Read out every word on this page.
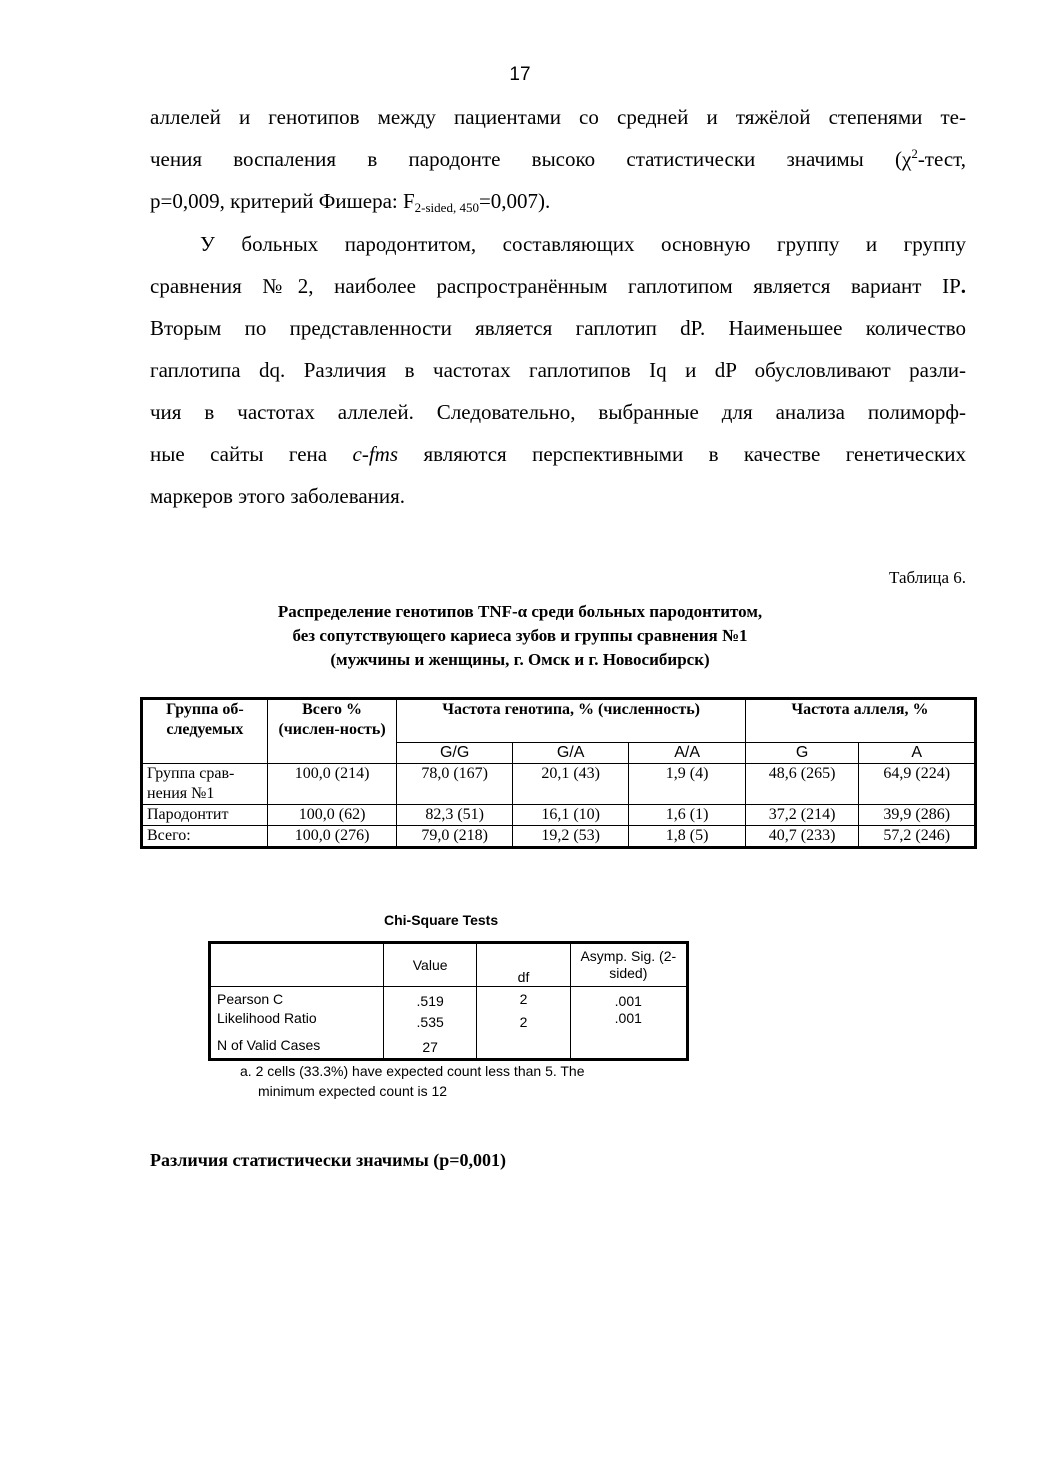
17
аллелей и генотипов между пациентами со средней и тяжёлой степенями те-
чения воспаления в пародонте высоко статистически значимы ($\chi^2$-тест,
p=0,009, критерий Фишера: $F_{2-sided, 450}=0,007$).
У больных пародонтитом, составляющих основную группу и группу
сравнения №2, наиболее распространённым гаплотипом является вариант IP.
Вторым по представленности является гаплотип dP. Наименьшее количество
гаплотипа dq. Различия в частотах гаплотипов Iq и dP обусловливают разли-
чия в частотах аллелей. Следовательно, выбранные для анализа полиморф-
ные сайты гена c-fms являются перспективными в качестве генетических
маркеров этого заболевания.
Таблица 6.
Распределение генотипов TNF-α среди больных пародонтитом,
без сопутствующего кариеса зубов и группы сравнения №1
(мужчины и женщины, г. Омск и г. Новосибирск)
Группа об-следуемых	Всего % (числен-ность)	Частота генотипа, % (численность)			Частота аллеля, %	
		G/G	G/A	A/A	G	A
Группа срав-нения №1	100,0 (214)	78,0 (167)	20,1 (43)	1,9 (4)	48,6 (265)	64,9 (224)
Пародонтит	100,0 (62)	82,3 (51)	16,1 (10)	1,6 (1)	37,2 (214)	39,9 (286)
Всего:	100,0 (276)	79,0 (218)	19,2 (53)	1,8 (5)	40,7 (233)	57,2 (246)
Chi-Square Tests
	Value	df	Asymp. Sig. (2-sided)
Pearson C	.519	2	.001
Likelihood Ratio	.535	2	.001
N of Valid Cases	27		
a. 2 cells (33.3%) have expected count less than 5. The
minimum expected count is 12
Различия статистически значимы (p=0,001)
